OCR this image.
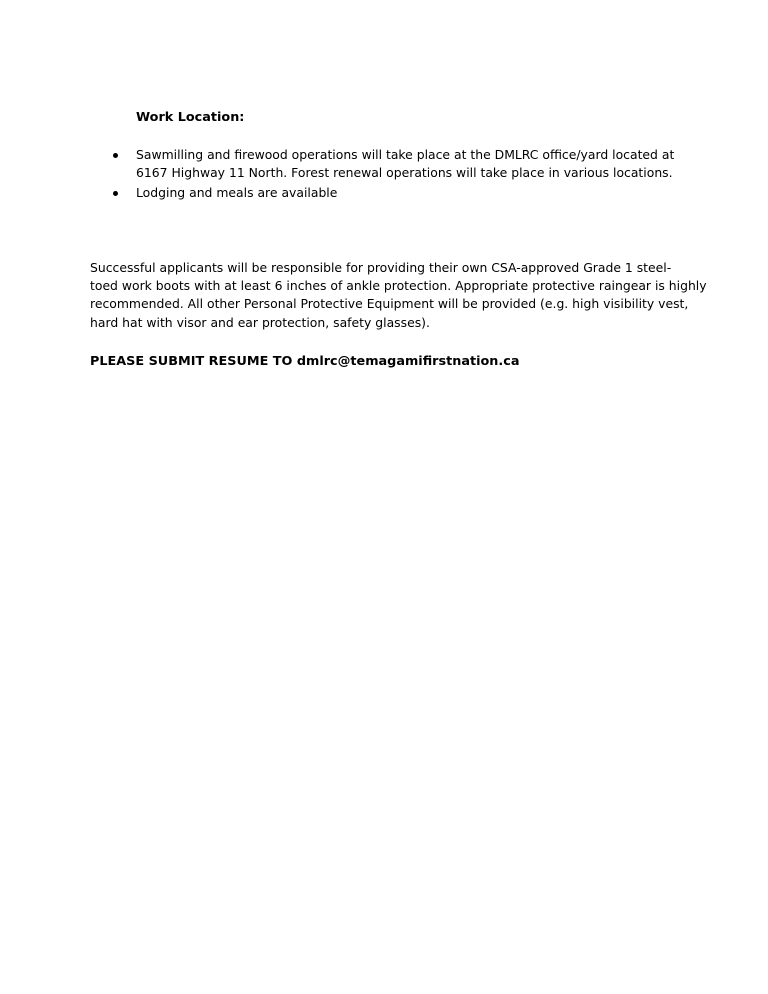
Work Location:
Sawmilling and firewood operations will take place at the DMLRC office/yard located at
6167 Highway 11 North. Forest renewal operations will take place in various locations.
Lodging and meals are available
Successful applicants will be responsible for providing their own CSA-approved Grade 1 steel-
toed work boots with at least 6 inches of ankle protection. Appropriate protective raingear is highly
recommended. All other Personal Protective Equipment will be provided (e.g. high visibility vest,
hard hat with visor and ear protection, safety glasses).
PLEASE SUBMIT RESUME TO dmlrc@temagamifirstnation.ca
